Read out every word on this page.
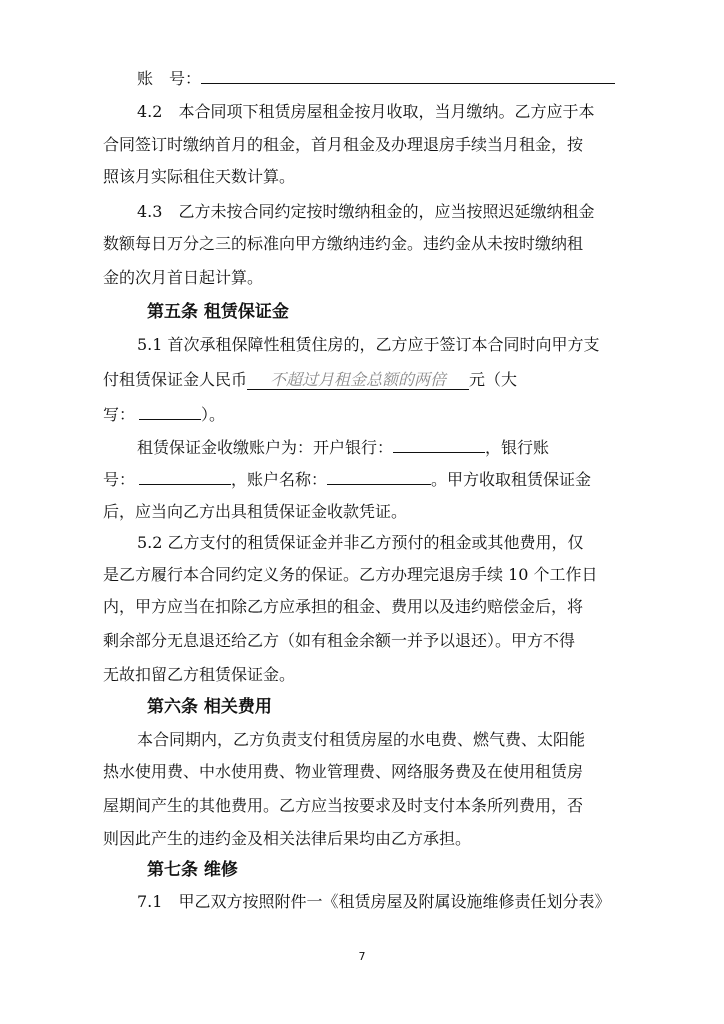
账　号：
4.2　本合同项下租赁房屋租金按月收取，当月缴纳。乙方应于本
合同签订时缴纳首月的租金，首月租金及办理退房手续当月租金，按
照该月实际租住天数计算。
4.3　乙方未按合同约定按时缴纳租金的，应当按照迟延缴纳租金
数额每日万分之三的标准向甲方缴纳违约金。违约金从未按时缴纳租
金的次月首日起计算。
第五条 租赁保证金
5.1 首次承租保障性租赁住房的，乙方应于签订本合同时向甲方支
付租赁保证金人民币 不超过月租金总额的两倍 元（大
写：	）。
租赁保证金收缴账户为：开户银行：	，银行账
号：	，账户名称：	。甲方收取租赁保证金
后，应当向乙方出具租赁保证金收款凭证。
5.2 乙方支付的租赁保证金并非乙方预付的租金或其他费用，仅
是乙方履行本合同约定义务的保证。乙方办理完退房手续 10 个工作日
内，甲方应当在扣除乙方应承担的租金、费用以及违约赔偿金后，将
剩余部分无息退还给乙方（如有租金余额一并予以退还）。甲方不得
无故扣留乙方租赁保证金。
第六条 相关费用
本合同期内，乙方负责支付租赁房屋的水电费、燃气费、太阳能
热水使用费、中水使用费、物业管理费、网络服务费及在使用租赁房
屋期间产生的其他费用。乙方应当按要求及时支付本条所列费用，否
则因此产生的违约金及相关法律后果均由乙方承担。
第七条 维修
7.1　甲乙双方按照附件一《租赁房屋及附属设施维修责任划分表》
7
